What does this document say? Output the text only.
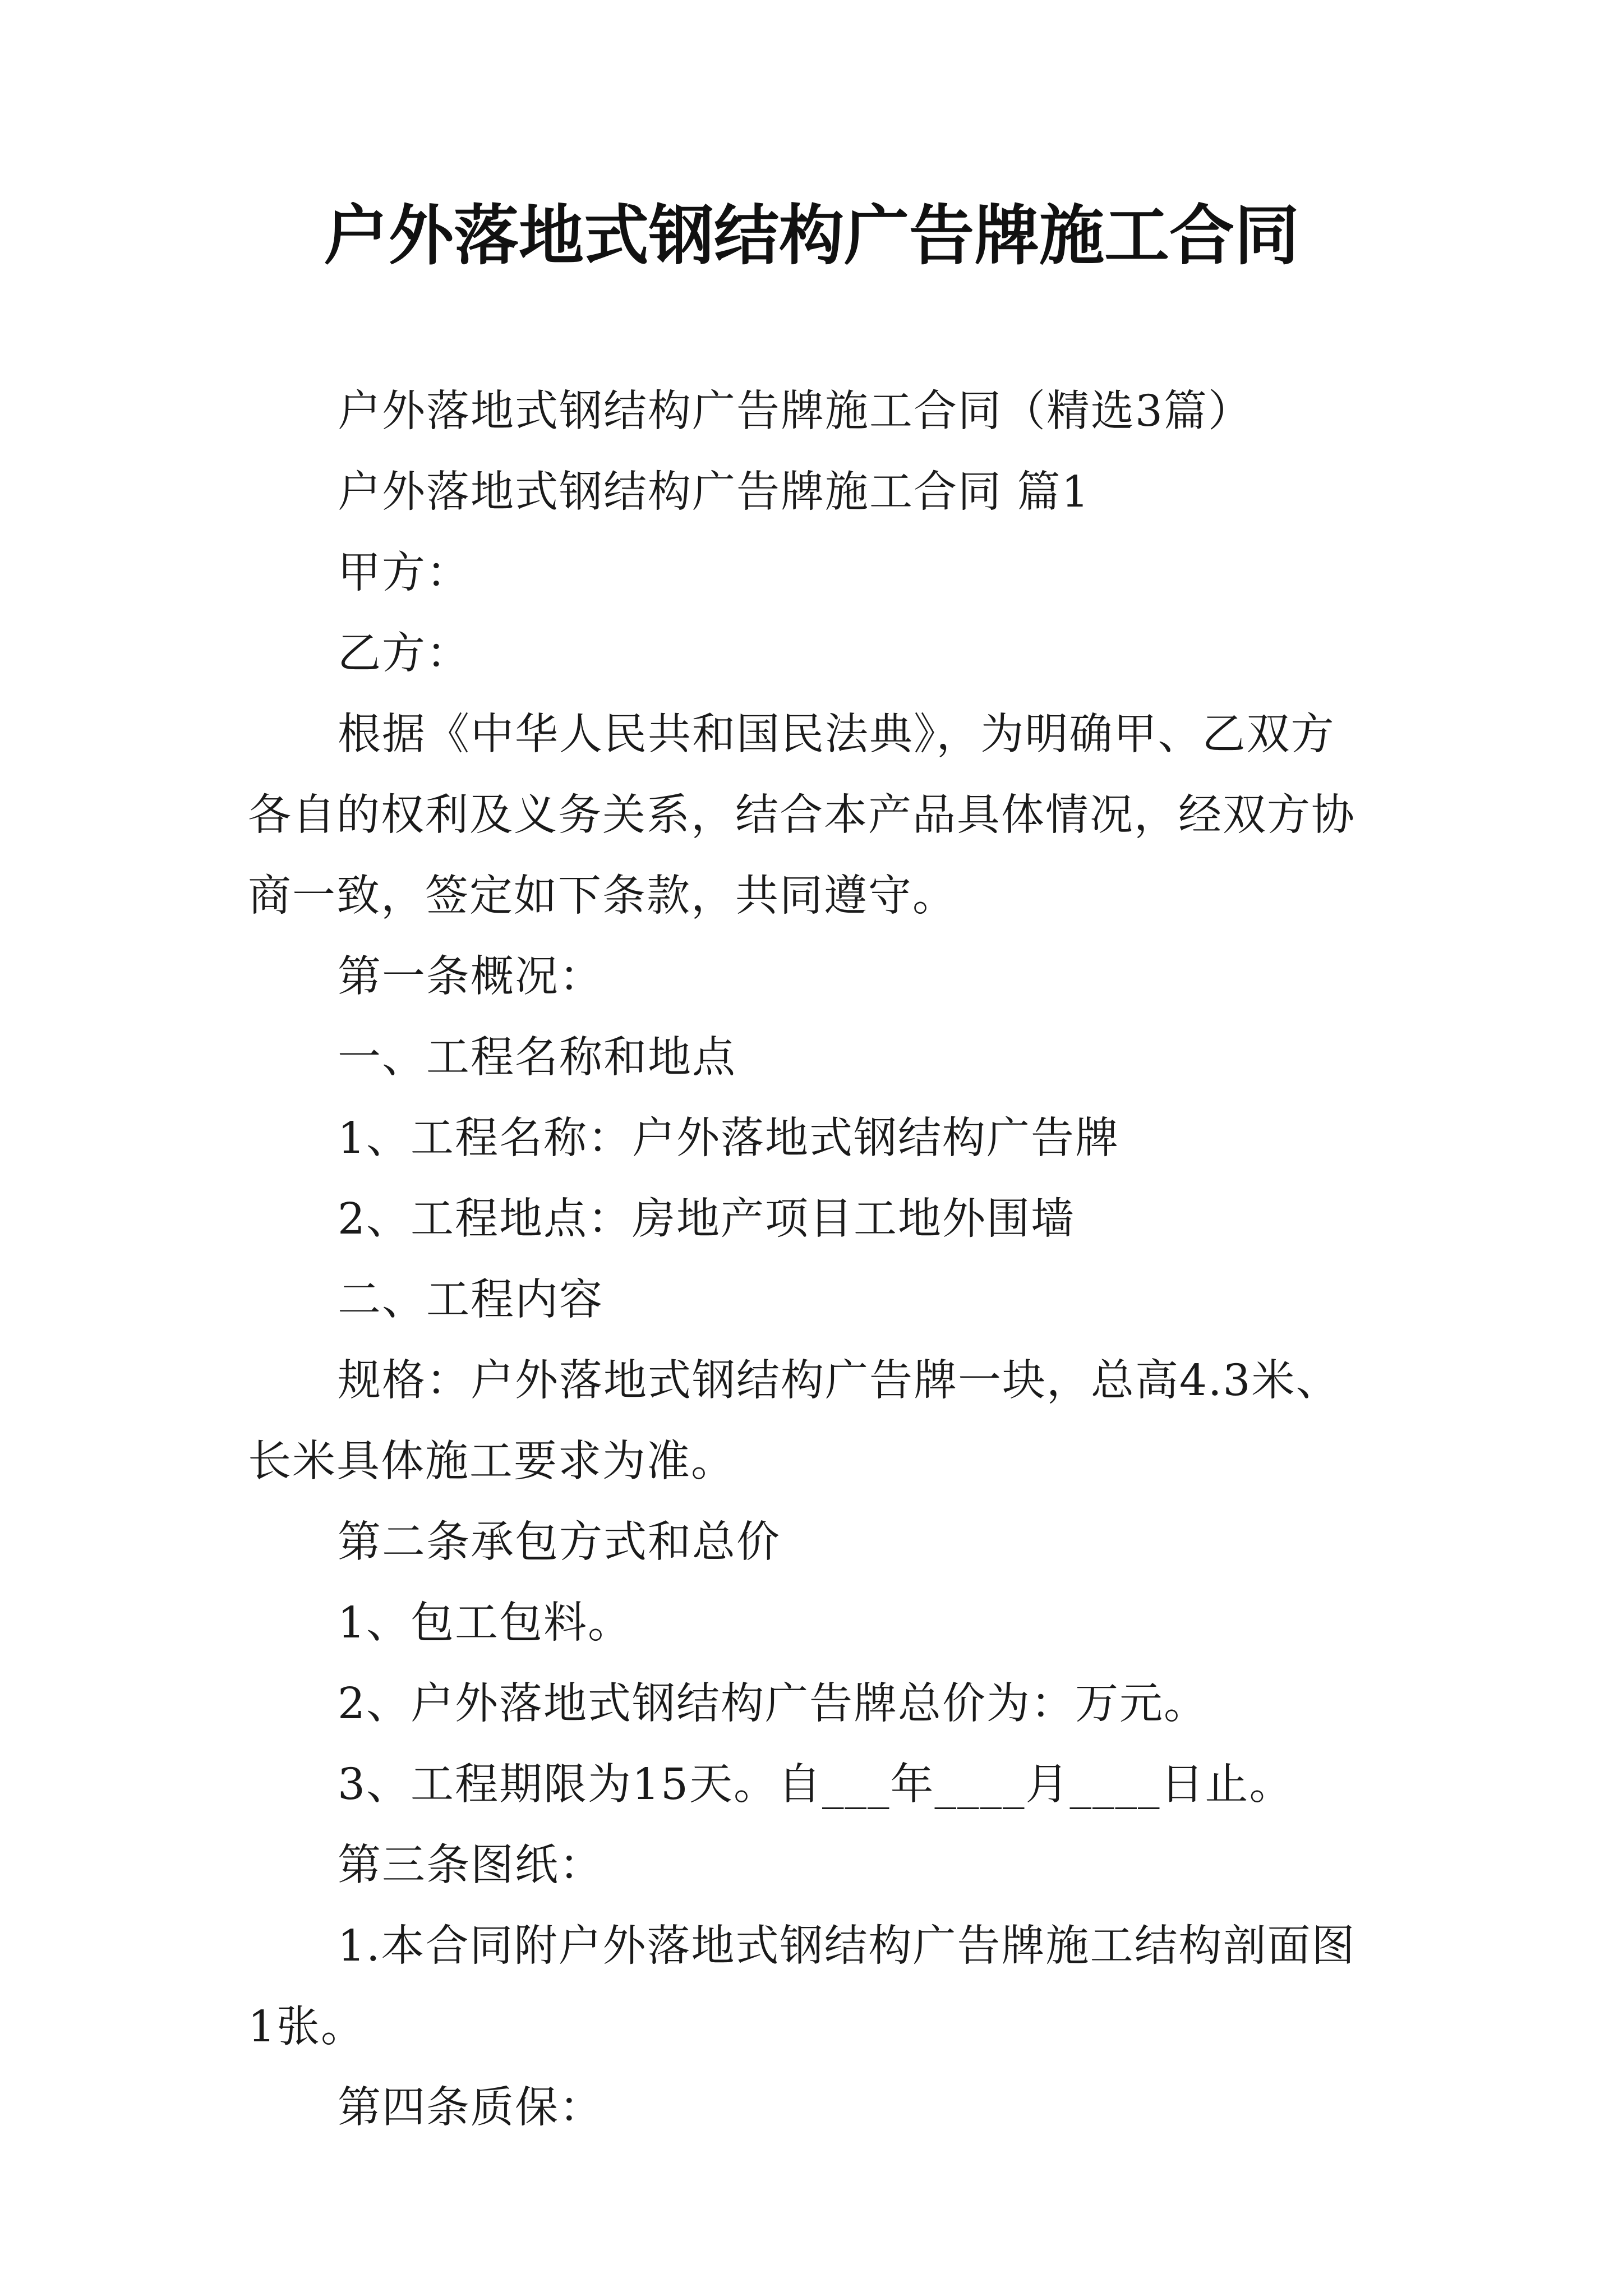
户外落地式钢结构广告牌施工合同

户外落地式钢结构广告牌施工合同（精选3篇）

户外落地式钢结构广告牌施工合同 篇1

甲方：

乙方：

根据《中华人民共和国民法典》，为明确甲、乙双方各自的权利及义务关系，结合本产品具体情况，经双方协商一致，签定如下条款，共同遵守。

第一条概况：

一、工程名称和地点

1、工程名称：户外落地式钢结构广告牌

2、工程地点：房地产项目工地外围墙

二、工程内容

规格：户外落地式钢结构广告牌一块，总高4.3米、长米具体施工要求为准。

第二条承包方式和总价

1、包工包料。

2、户外落地式钢结构广告牌总价为：万元。

3、工程期限为15天。自___年____月____日止。

第三条图纸：

1.本合同附户外落地式钢结构广告牌施工结构剖面图1张。

第四条质保：
